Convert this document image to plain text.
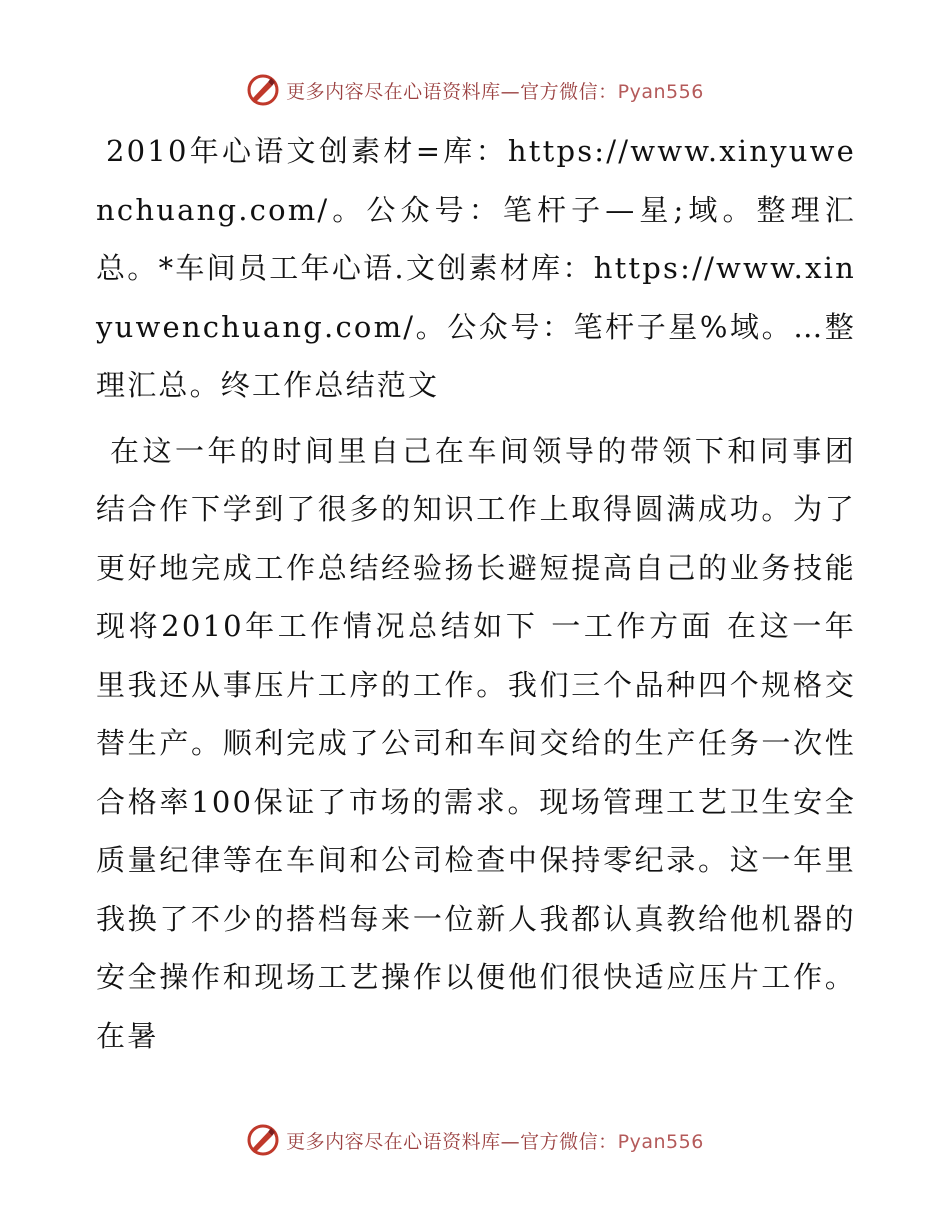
更多内容尽在心语资料库—官方微信：Pyan556

2010年心语文创素材=库：https://www.xinyuwenchuang.com/。公众号：笔杆子—星;域。整理汇总。*车间员工年心语.文创素材库：https://www.xinyuwenchuang.com/。公众号：笔杆子星%域。…整理汇总。终工作总结范文

在这一年的时间里自己在车间领导的带领下和同事团结合作下学到了很多的知识工作上取得圆满成功。为了更好地完成工作总结经验扬长避短提高自己的业务技能现将2010年工作情况总结如下 一工作方面 在这一年里我还从事压片工序的工作。我们三个品种四个规格交替生产。顺利完成了公司和车间交给的生产任务一次性合格率100保证了市场的需求。现场管理工艺卫生安全质量纪律等在车间和公司检查中保持零纪录。这一年里我换了不少的搭档每来一位新人我都认真教给他机器的安全操作和现场工艺操作以便他们很快适应压片工作。在暑

更多内容尽在心语资料库—官方微信：Pyan556
